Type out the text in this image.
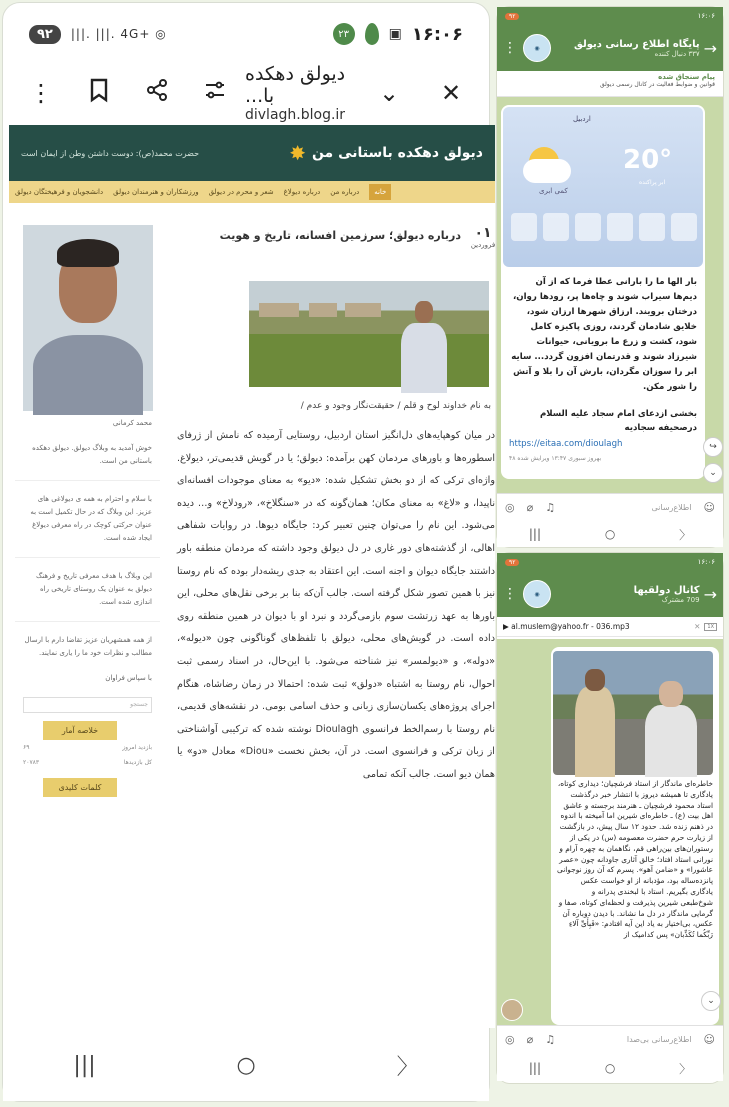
۹۲	|||. |||. 4G+ ◎	۲۳	▣ ۱۶:۰۶
⋮
دیولق دهکده با...
divlagh.blog.ir
⌄	✕
حضرت محمد(ص): دوست داشتن وطن از ایمان است	دیولق دهکده باستانی من
✸
خانه
درباره من
درباره دیولاغ
شعر و محرم در دیولق
ورزشکاران و هنرمندان دیولق
دانشجویان و فرهیختگان دیولق
محمد کرمانی
خوش آمدید به وبلاگ دیولق. دیولق دهکده باستانی من است.
با سلام و احترام به همه ی دیولاغی های عزیز. این وبلاگ که در حال تکمیل است به عنوان حرکتی کوچک در راه معرفی دیولاغ ایجاد شده است.
این وبلاگ با هدف معرفی تاریخ و فرهنگ دیولق به عنوان یک روستای تاریخی راه اندازی شده است.
از همه همشهریان عزیز تقاضا دارم با ارسال مطالب و نظرات خود ما را یاری نمایند.
با سپاس فراوان
جستجو
خلاصه آمار
۶۹	بازدید امروز
۲۰۷۸۳	کل بازدیدها
کلمات کلیدی
۰۱
فروردین
درباره دیولق؛ سرزمین افسانه، تاریخ و هویت
به نام خداوند لوح و قلم / حقیقت‌نگار وجود و عدم /
در میان کوهپایه‌های دل‌انگیز استان اردبیل، روستایی آرمیده که نامش از ژرفای اسطوره‌ها و باورهای مردمان کهن برآمده: دیولق؛ یا در گویش قدیمی‌تر، دیولاغ. واژه‌ای ترکی که از دو بخش تشکیل شده: «دیو» به معنای موجودات افسانه‌ای ناپیدا، و «لاغ» به معنای مکان؛ همان‌گونه که در «سنگلاخ»، «رودلاخ» و… دیده می‌شود. این نام را می‌توان چنین تعبیر کرد: جایگاه دیوها. در روایات شفاهی اهالی، از گذشته‌های دور غاری در دل دیولق وجود داشته که مردمان منطقه باور داشتند جایگاه دیوان و اجنه است. این اعتقاد به جدی ریشه‌دار بوده که نام روستا نیز با همین تصور شکل گرفته است. جالب آن‌که بنا بر برخی نقل‌های محلی، این باورها به عهد زرتشت سوم بازمی‌گردد و نبرد او با دیوان در همین منطقه روی داده است. در گویش‌های محلی، دیولق با تلفظ‌های گوناگونی چون «دیوله»، «دوله»، و «دیولمسر» نیز شناخته می‌شود. با این‌حال، در اسناد رسمی ثبت احوال، نام روستا به اشتباه «دولق» ثبت شده: احتمالا در زمان رضاشاه، هنگام اجرای پروژه‌های یکسان‌سازی زبانی و حذف اسامی بومی. در نقشه‌های قدیمی، نام روستا با رسم‌الخط فرانسوی Dioulagh نوشته شده که ترکیبی آواشناختی از زبان ترکی و فرانسوی است. در آن، بخش نخست «Diou» معادل «دو» یا همان دیو است. جالب آنکه تمامی
|||	○	〉
۹۲	۱۶:۰۶
⋮	◉	پایگاه اطلاع رسانی دیولق
۳۳۷ دنبال کننده →
پیام سنجاق شده
قوانین و ضوابط فعالیت در کانال رسمی دیولق
اردبیل
20°
ابر پراکنده
کمی ابری
بار الها ما را بارانی عطا فرما که از آن دیم‌ها سیراب شوند و چاه‌ها پر، رودها روان، درختان برویند. ارزاق شهرها ارزان شود، خلایق شادمان گردند، روزی پاکیزه کامل شود، کشت و زرع ما برویانی، حیوانات شیرزاد شوند و قدرتمان افزون گردد... سایه ابر را سوزان مگردان، بارش آن را بلا و آتش را شور مکن.
بخشی ازدعای امام سجاد علیه السلام درصحیفه سجادیه
https://eitaa.com/dioulagh
بهروز سبوری ۱۳:۴۷ ویرایش شده ۴۸
↪
⌄
◎ ⌀ ♫	اطلاع‌رسانی ☺
|||	○	〉
۹۲	۱۶:۰۶
⋮	◉	کانال دولقیها
709 مشترک →
▶
al.muslem@yahoo.fr - 036.mp3	✕	1X
خاطره‌ای ماندگار از استاد فرشچیان؛ دیداری کوتاه، یادگاری تا همیشه دیروز با انتشار خبر درگذشت استاد محمود فرشچیان ـ هنرمند برجسته و عاشق اهل بیت (ع) ـ خاطره‌ای شیرین اما آمیخته با اندوه در ذهنم زنده شد. حدود ۱۲ سال پیش، در بازگشت از زیارت حرم حضرت معصومه (س) در یکی از رستوران‌های بین‌راهی قم، نگاهمان به چهره آرام و نورانی استاد افتاد؛ خالق آثاری جاودانه چون «عصر عاشورا» و «ضامن آهو». پسرم که آن روز نوجوانی پانزده‌ساله بود، مؤدبانه از او خواست عکس یادگاری بگیریم. استاد با لبخندی پدرانه و شوخ‌طبعی شیرین پذیرفت و لحظه‌ای کوتاه، صفا و گرمایی ماندگار در دل ما نشاند. با دیدن دوباره آن عکس، بی‌اختیار به یاد این آیه افتادم: «فَبِأَیِّ آلاءِ رَبِّکُما تُکَذِّبان» پس کدامیک از
⌄
◎ ⌀ ♫	اطلاع‌رسانی بی‌صدا ☺
|||	○	〉
